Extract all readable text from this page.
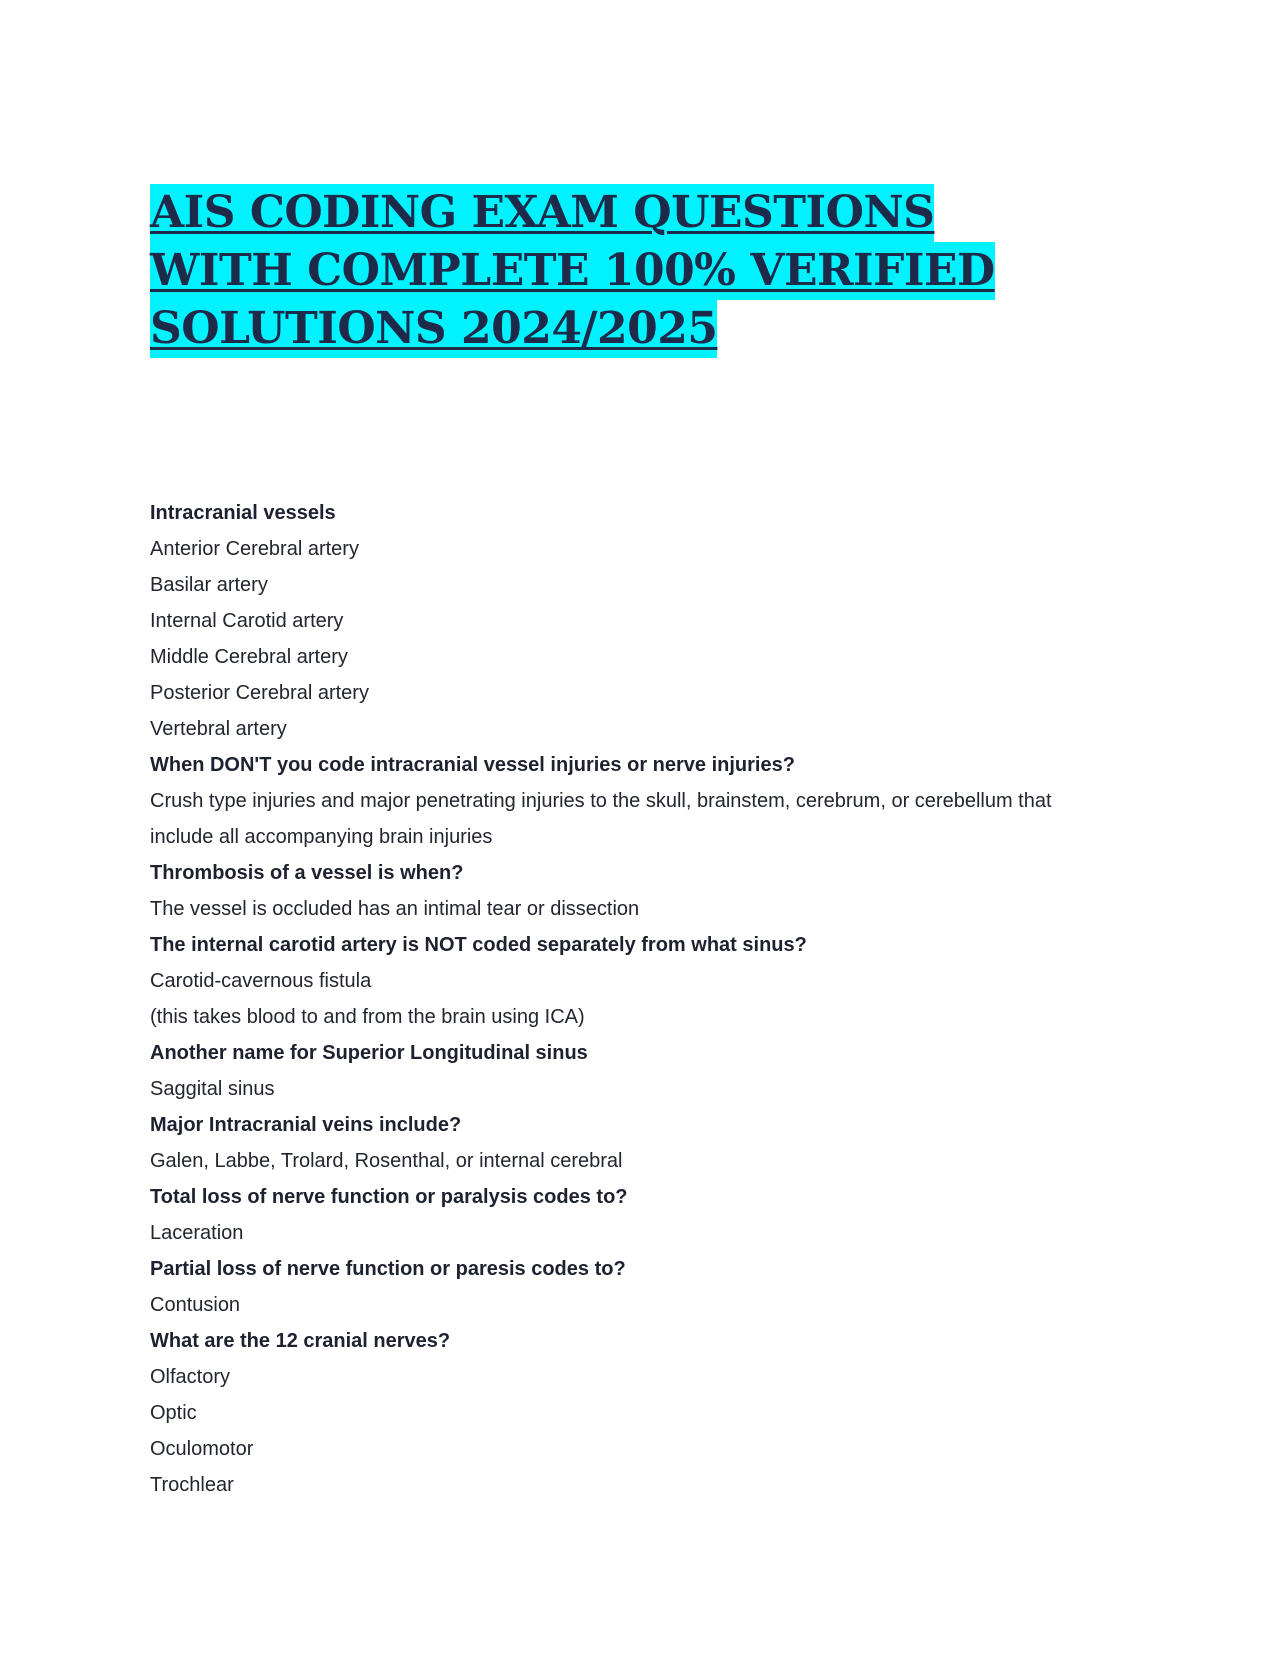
AIS CODING EXAM QUESTIONS
WITH COMPLETE 100% VERIFIED
SOLUTIONS 2024/2025

Intracranial vessels

Anterior Cerebral artery

Basilar artery

Internal Carotid artery

Middle Cerebral artery

Posterior Cerebral artery

Vertebral artery

When DON'T you code intracranial vessel injuries or nerve injuries?

Crush type injuries and major penetrating injuries to the skull, brainstem, cerebrum, or cerebellum that

include all accompanying brain injuries

Thrombosis of a vessel is when?

The vessel is occluded has an intimal tear or dissection

The internal carotid artery is NOT coded separately from what sinus?

Carotid-cavernous fistula

(this takes blood to and from the brain using ICA)

Another name for Superior Longitudinal sinus

Saggital sinus

Major Intracranial veins include?

Galen, Labbe, Trolard, Rosenthal, or internal cerebral

Total loss of nerve function or paralysis codes to?

Laceration

Partial loss of nerve function or paresis codes to?

Contusion

What are the 12 cranial nerves?

Olfactory

Optic

Oculomotor

Trochlear
